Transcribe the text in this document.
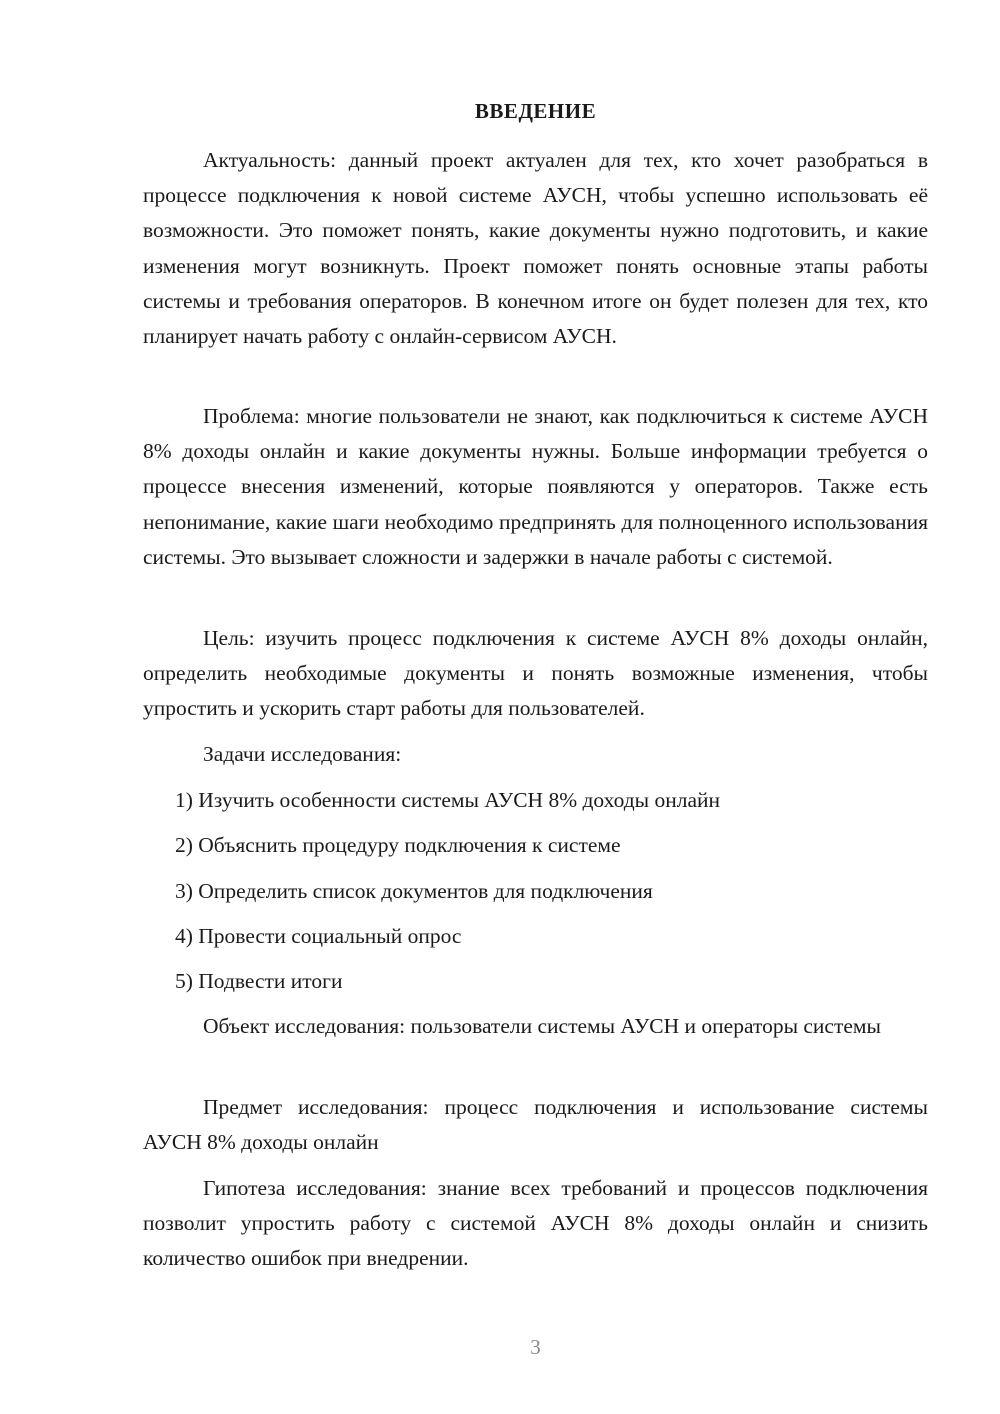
ВВЕДЕНИЕ

Актуальность: данный проект актуален для тех, кто хочет разобраться в процессе подключения к новой системе АУСН, чтобы успешно использовать её возможности. Это поможет понять, какие документы нужно подготовить, и какие изменения могут возникнуть. Проект поможет понять основные этапы работы системы и требования операторов. В конечном итоге он будет полезен для тех, кто планирует начать работу с онлайн-сервисом АУСН.

Проблема: многие пользователи не знают, как подключиться к системе АУСН 8% доходы онлайн и какие документы нужны. Больше информации требуется о процессе внесения изменений, которые появляются у операторов. Также есть непонимание, какие шаги необходимо предпринять для полноценного использования системы. Это вызывает сложности и задержки в начале работы с системой.

Цель: изучить процесс подключения к системе АУСН 8% доходы онлайн, определить необходимые документы и понять возможные изменения, чтобы упростить и ускорить старт работы для пользователей.

Задачи исследования:

1) Изучить особенности системы АУСН 8% доходы онлайн
2) Объяснить процедуру подключения к системе
3) Определить список документов для подключения
4) Провести социальный опрос
5) Подвести итоги

Объект исследования: пользователи системы АУСН и операторы системы

Предмет исследования: процесс подключения и использование системы АУСН 8% доходы онлайн

Гипотеза исследования: знание всех требований и процессов подключения позволит упростить работу с системой АУСН 8% доходы онлайн и снизить количество ошибок при внедрении.

3
